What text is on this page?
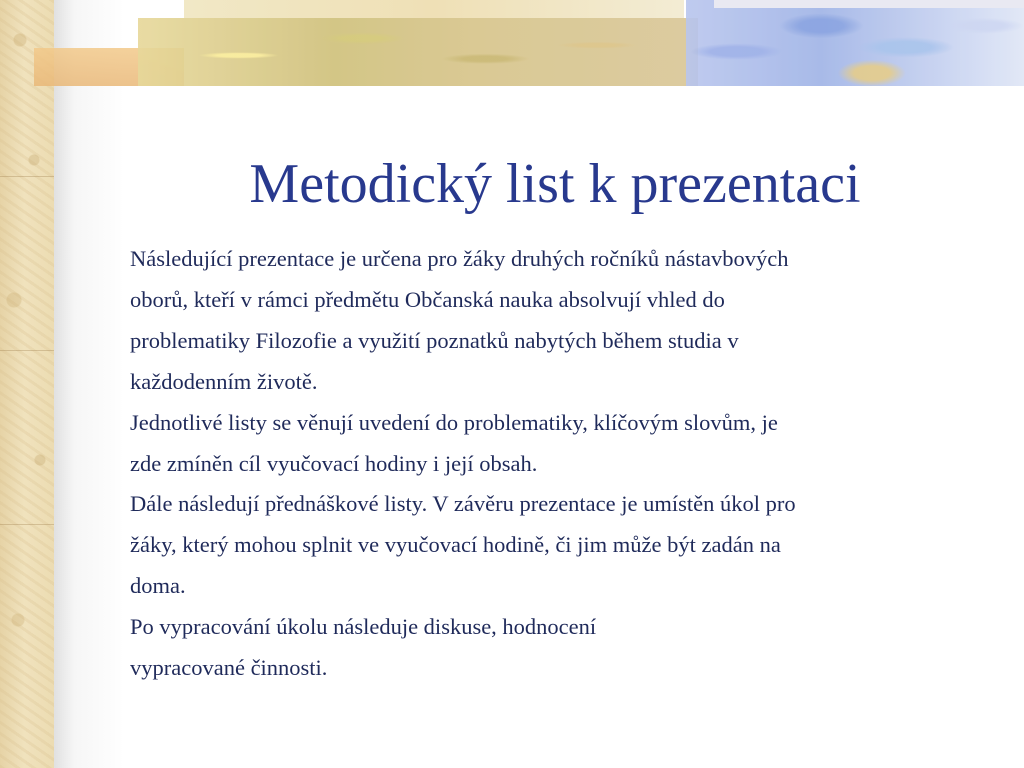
Metodický list k prezentaci
Následující prezentace je určena pro žáky druhých ročníků nástavbových
oborů, kteří v rámci předmětu Občanská nauka absolvují vhled do
problematiky Filozofie a využití poznatků nabytých během studia v
každodenním životě.
Jednotlivé listy se věnují uvedení do problematiky, klíčovým slovům, je
zde zmíněn cíl vyučovací hodiny i její obsah.
Dále následují přednáškové listy. V závěru prezentace je umístěn úkol pro
žáky, který mohou splnit ve vyučovací hodině, či jim může být zadán na
doma.
Po vypracování úkolu následuje diskuse, hodnocení
vypracované činnosti.
